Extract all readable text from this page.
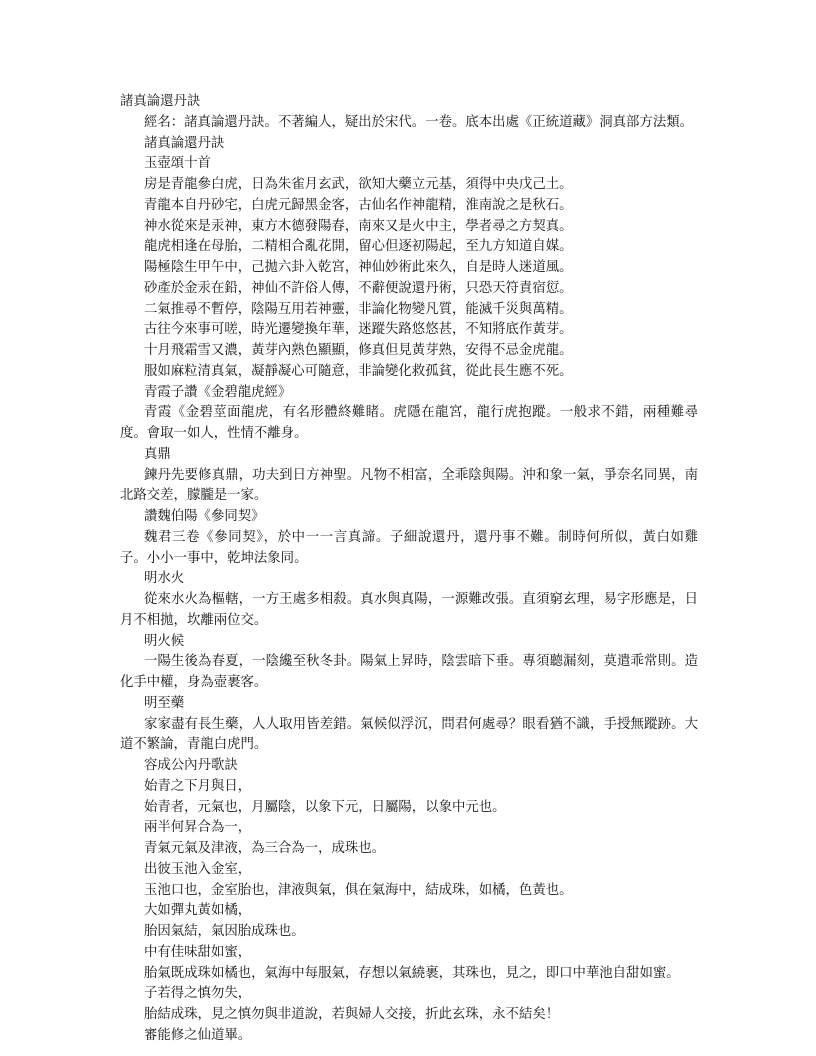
諸真論還丹訣

經名：諸真論還丹訣。不著編人，疑出於宋代。一卷。底本出處《正統道藏》洞真部方法類。

諸真論還丹訣

玉壺頌十首

房是青龍參白虎，日為朱雀月玄武，欲知大藥立元基，須得中央戊己土。

青龍本自丹砂宅，白虎元歸黑金客，古仙名作神龍精，淮南說之是秋石。

神水從來是汞神，東方木德發陽春，南來又是火中主，學者尋之方契真。

龍虎相逢在母胎，二精相合亂花開，留心但逐初陽起，至九方知道自媒。

陽極陰生甲午中，己拋六卦入乾宮，神仙妙術此來久，自是時人迷道風。

砂產於金汞在鉛，神仙不許俗人傳，不辭便說還丹術，只恐天符責宿愆。

二氣推尋不暫停，陰陽互用若神靈，非論化物變凡質，能滅千災與萬精。

古往今來事可嗟，時光遷變換年華，迷蹤失路悠悠甚，不知將底作黃芽。

十月飛霜雪又濃，黃芽內熟色顯顯，修真但見黃芽熟，安得不忌金虎龍。

服如麻粒清真氣，凝靜凝心可隨意，非論變化救孤貧，從此長生應不死。

青霞子讚《金碧龍虎經》

青霞《金碧莖面龍虎，有名形體終難睹。虎隱在龍宮，龍行虎抱蹤。一般求不錯，兩種難尋度。會取一如人，性情不離身。

真鼎

鍊丹先要修真鼎，功夫到日方神聖。凡物不相富，全乖陰與陽。沖和象一氣，爭奈名同異，南北路交差，朦朧是一家。

讚魏伯陽《參同契》

魏君三卷《參同契》，於中一一言真諦。子細說還丹，還丹事不難。制時何所似，黃白如雞子。小小一事中，乾坤法象同。

明水火

從來水火為樞轄，一方王處多相殺。真水與真陽，一源難改張。直須窮玄理，易字形應是，日月不相拋，坎離兩位交。

明火候

一陽生後為春夏，一陰纔至秋冬卦。陽氣上昇時，陰雲暗下垂。專須聽漏刻，莫遣乖常則。造化手中權，身為壺裹客。

明至藥

家家盡有長生藥，人人取用皆差錯。氣候似浮沉，問君何處尋？眼看猶不識，手授無蹤跡。大道不繁論，青龍白虎門。

容成公內丹歌訣

始青之下月與日，

始青者，元氣也，月屬陰，以象下元，日屬陽，以象中元也。

兩半何昇合為一，

青氣元氣及津液，為三合為一，成珠也。

出彼玉池入金室，

玉池口也，金室胎也，津液與氣，俱在氣海中，結成珠，如橘，色黃也。

大如彈丸黃如橘，

胎因氣結，氣因胎成珠也。

中有佳味甜如蜜，

胎氣既成珠如橘也，氣海中每服氣，存想以氣繞裹，其珠也，見之，即口中華池自甜如蜜。

子若得之慎勿失，

胎結成珠，見之慎勿與非道說，若與婦人交接，折此玄珠，永不結矣！

審能修之仙道畢。
